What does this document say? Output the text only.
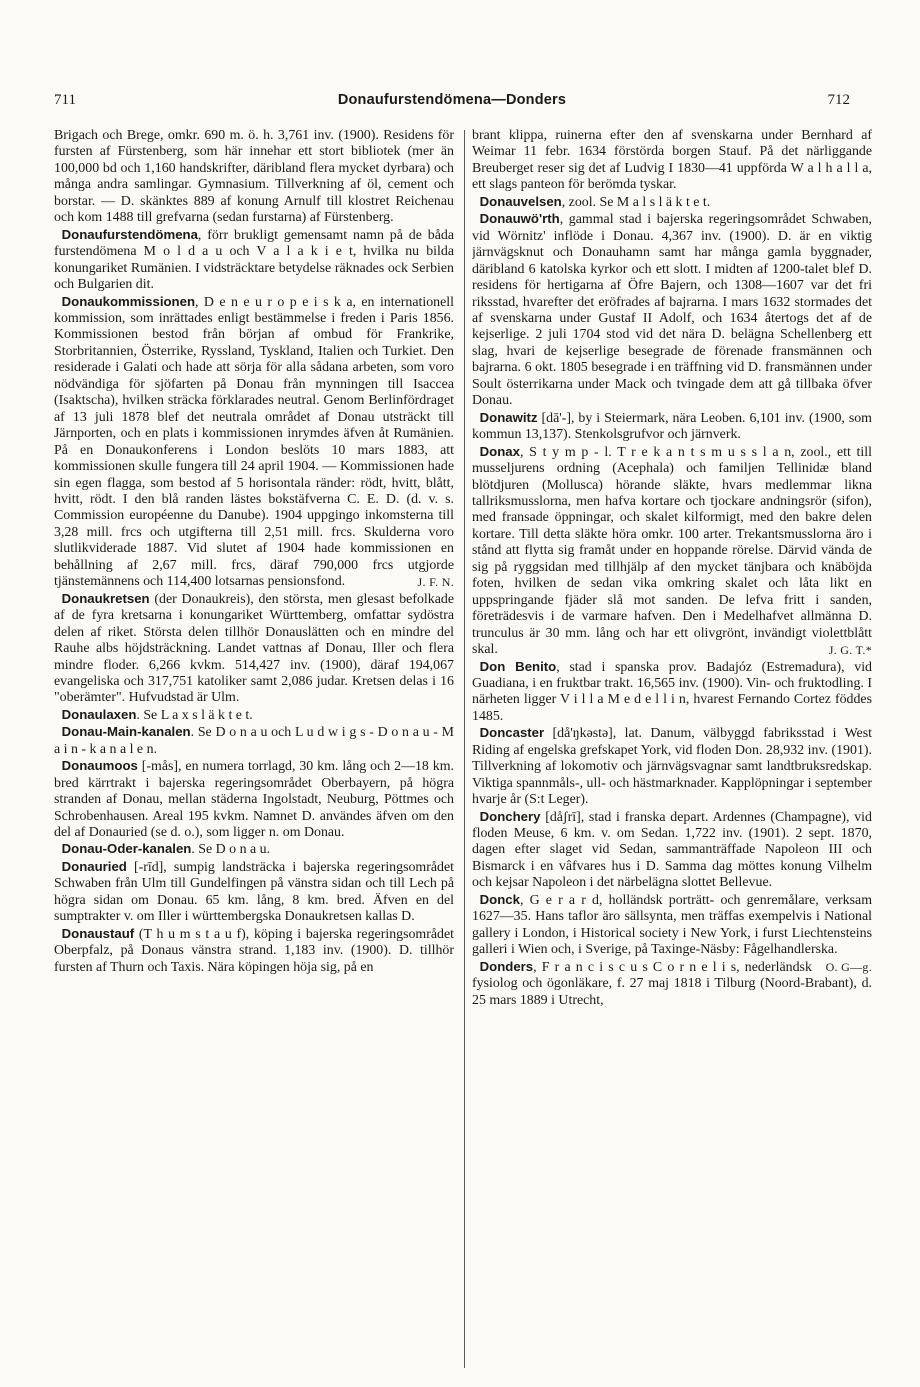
711	Donaufurstendömena—Donders	712

Brigach och Brege, omkr. 690 m. ö. h. 3,761 inv. (1900). Residens för fursten af Fürstenberg, som här innehar ett stort bibliotek (mer än 100,000 bd och 1,160 handskrifter, däribland flera mycket dyrbara) och många andra samlingar. Gymnasium. Tillverkning af öl, cement och borstar. — D. skänktes 889 af konung Arnulf till klostret Reichenau och kom 1488 till grefvarna (sedan furstarna) af Fürstenberg.

Donaufurstendömena, förr brukligt gemensamt namn på de båda furstendömena M o l d a u och V a l a k i e t, hvilka nu bilda konungariket Rumänien. I vidsträcktare betydelse räknades ock Serbien och Bulgarien dit.

Donaukommissionen, D e n e u r o p e i s k a, en internationell kommission, som inrättades enligt bestämmelse i freden i Paris 1856. Kommissionen bestod från början af ombud för Frankrike, Storbritannien, Österrike, Ryssland, Tyskland, Italien och Turkiet. Den residerade i Galati och hade att sörja för alla sådana arbeten, som voro nödvändiga för sjöfarten på Donau från mynningen till Isaccea (Isaktscha), hvilken sträcka förklarades neutral. Genom Berlinfördraget af 13 juli 1878 blef det neutrala området af Donau utsträckt till Järnporten, och en plats i kommissionen inrymdes äfven åt Rumänien. På en Donaukonferens i London beslöts 10 mars 1883, att kommissionen skulle fungera till 24 april 1904. — Kommissionen hade sin egen flagga, som bestod af 5 horisontala ränder: rödt, hvitt, blått, hvitt, rödt. I den blå randen lästes bokstäfverna C. E. D. (d. v. s. Commission européenne du Danube). 1904 uppgingo inkomsterna till 3,28 mill. frcs och utgifterna till 2,51 mill. frcs. Skulderna voro slutlikviderade 1887. Vid slutet af 1904 hade kommissionen en behållning af 2,67 mill. frcs, däraf 790,000 frcs utgjorde tjänstemännens och 114,400 lotsarnas pensionsfond.	J. F. N.

Donaukretsen (der Donaukreis), den största, men glesast befolkade af de fyra kretsarna i konungariket Württemberg, omfattar sydöstra delen af riket. Största delen tillhör Donauslätten och en mindre del Rauhe albs höjdsträckning. Landet vattnas af Donau, Iller och flera mindre floder. 6,266 kvkm. 514,427 inv. (1900), däraf 194,067 evangeliska och 317,751 katoliker samt 2,086 judar. Kretsen delas i 16 "oberämter". Hufvudstad är Ulm.

Donaulaxen. Se L a x s l ä k t e t.

Donau-Main-kanalen. Se D o n a u och L u d w i g s - D o n a u - M a i n - k a n a l e n.

Donaumoos [-mås], en numera torrlagd, 30 km. lång och 2—18 km. bred kärrtrakt i bajerska regeringsområdet Oberbayern, på högra stranden af Donau, mellan städerna Ingolstadt, Neuburg, Pöttmes och Schrobenhausen. Areal 195 kvkm. Namnet D. användes äfven om den del af Donauried (se d. o.), som ligger n. om Donau.

Donau-Oder-kanalen. Se D o n a u.

Donauried [-rīd], sumpig landsträcka i bajerska regeringsområdet Schwaben från Ulm till Gundelfingen på vänstra sidan och till Lech på högra sidan om Donau. 65 km. lång, 8 km. bred. Äfven en del sumptrakter v. om Iller i württembergska Donaukretsen kallas D.

Donaustauf (T h u m s t a u f), köping i bajerska regeringsområdet Oberpfalz, på Donaus vänstra strand. 1,183 inv. (1900). D. tillhör fursten af Thurn och Taxis. Nära köpingen höja sig, på en

brant klippa, ruinerna efter den af svenskarna under Bernhard af Weimar 11 febr. 1634 förstörda borgen Stauf. På det närliggande Breuberget reser sig det af Ludvig I 1830—41 uppförda W a l h a l l a, ett slags panteon för berömda tyskar.

Donauvelsen, zool. Se M a l s l ä k t e t.

Donauwö'rth, gammal stad i bajerska regeringsområdet Schwaben, vid Wörnitz' inflöde i Donau. 4,367 inv. (1900). D. är en viktig järnvägsknut och Donauhamn samt har många gamla byggnader, däribland 6 katolska kyrkor och ett slott. I midten af 1200-talet blef D. residens för hertigarna af Öfre Bajern, och 1308—1607 var det fri riksstad, hvarefter det eröfrades af bajrarna. I mars 1632 stormades det af svenskarna under Gustaf II Adolf, och 1634 återtogs det af de kejserlige. 2 juli 1704 stod vid det nära D. belägna Schellenberg ett slag, hvari de kejserlige besegrade de förenade fransmännen och bajrarna. 6 okt. 1805 besegrade i en träffning vid D. fransmännen under Soult österrikarna under Mack och tvingade dem att gå tillbaka öfver Donau.

Donawitz [dā'-], by i Steiermark, nära Leoben. 6,101 inv. (1900, som kommun 13,137). Stenkolsgrufvor och järnverk.

Donax, S t y m p - l. T r e k a n t s m u s s l a n, zool., ett till musseljurens ordning (Acephala) och familjen Tellinidæ bland blötdjuren (Mollusca) hörande släkte, hvars medlemmar likna tallriksmusslorna, men hafva kortare och tjockare andningsrör (sifon), med fransade öppningar, och skalet kilformigt, med den bakre delen kortare. Till detta släkte höra omkr. 100 arter. Trekantsmusslorna äro i stånd att flytta sig framåt under en hoppande rörelse. Därvid vända de sig på ryggsidan med tillhjälp af den mycket tänjbara och knäböjda foten, hvilken de sedan vika omkring skalet och låta likt en uppspringande fjäder slå mot sanden. De lefva fritt i sanden, företrädesvis i de varmare hafven. Den i Medelhafvet allmänna D. trunculus är 30 mm. lång och har ett olivgrönt, invändigt violettblått skal.	J. G. T.*

Don Benito, stad i spanska prov. Badajóz (Estremadura), vid Guadiana, i en fruktbar trakt. 16,565 inv. (1900). Vin- och fruktodling. I närheten ligger V i l l a M e d e l l i n, hvarest Fernando Cortez föddes 1485.

Doncaster [då'ŋkəstə], lat. Danum, välbyggd fabriksstad i West Riding af engelska grefskapet York, vid floden Don. 28,932 inv. (1901). Tillverkning af lokomotiv och järnvägsvagnar samt landtbruksredskap. Viktiga spannmåls-, ull- och hästmarknader. Kapplöpningar i september hvarje år (S:t Leger).

Donchery [dåʃrī], stad i franska depart. Ardennes (Champagne), vid floden Meuse, 6 km. v. om Sedan. 1,722 inv. (1901). 2 sept. 1870, dagen efter slaget vid Sedan, sammanträffade Napoleon III och Bismarck i en vâfvares hus i D. Samma dag möttes konung Vilhelm och kejsar Napoleon i det närbelägna slottet Bellevue.

Donck, G e r a r d, holländsk porträtt- och genremålare, verksam 1627—35. Hans taflor äro sällsynta, men träffas exempelvis i National gallery i London, i Historical society i New York, i furst Liechtensteins galleri i Wien och, i Sverige, på Taxinge-Näsby: Fågelhandlerska.
O. G—g.

Donders, F r a n c i s c u s C o r n e l i s, nederländsk fysiolog och ögonläkare, f. 27 maj 1818 i Tilburg (Noord-Brabant), d. 25 mars 1889 i Utrecht,
